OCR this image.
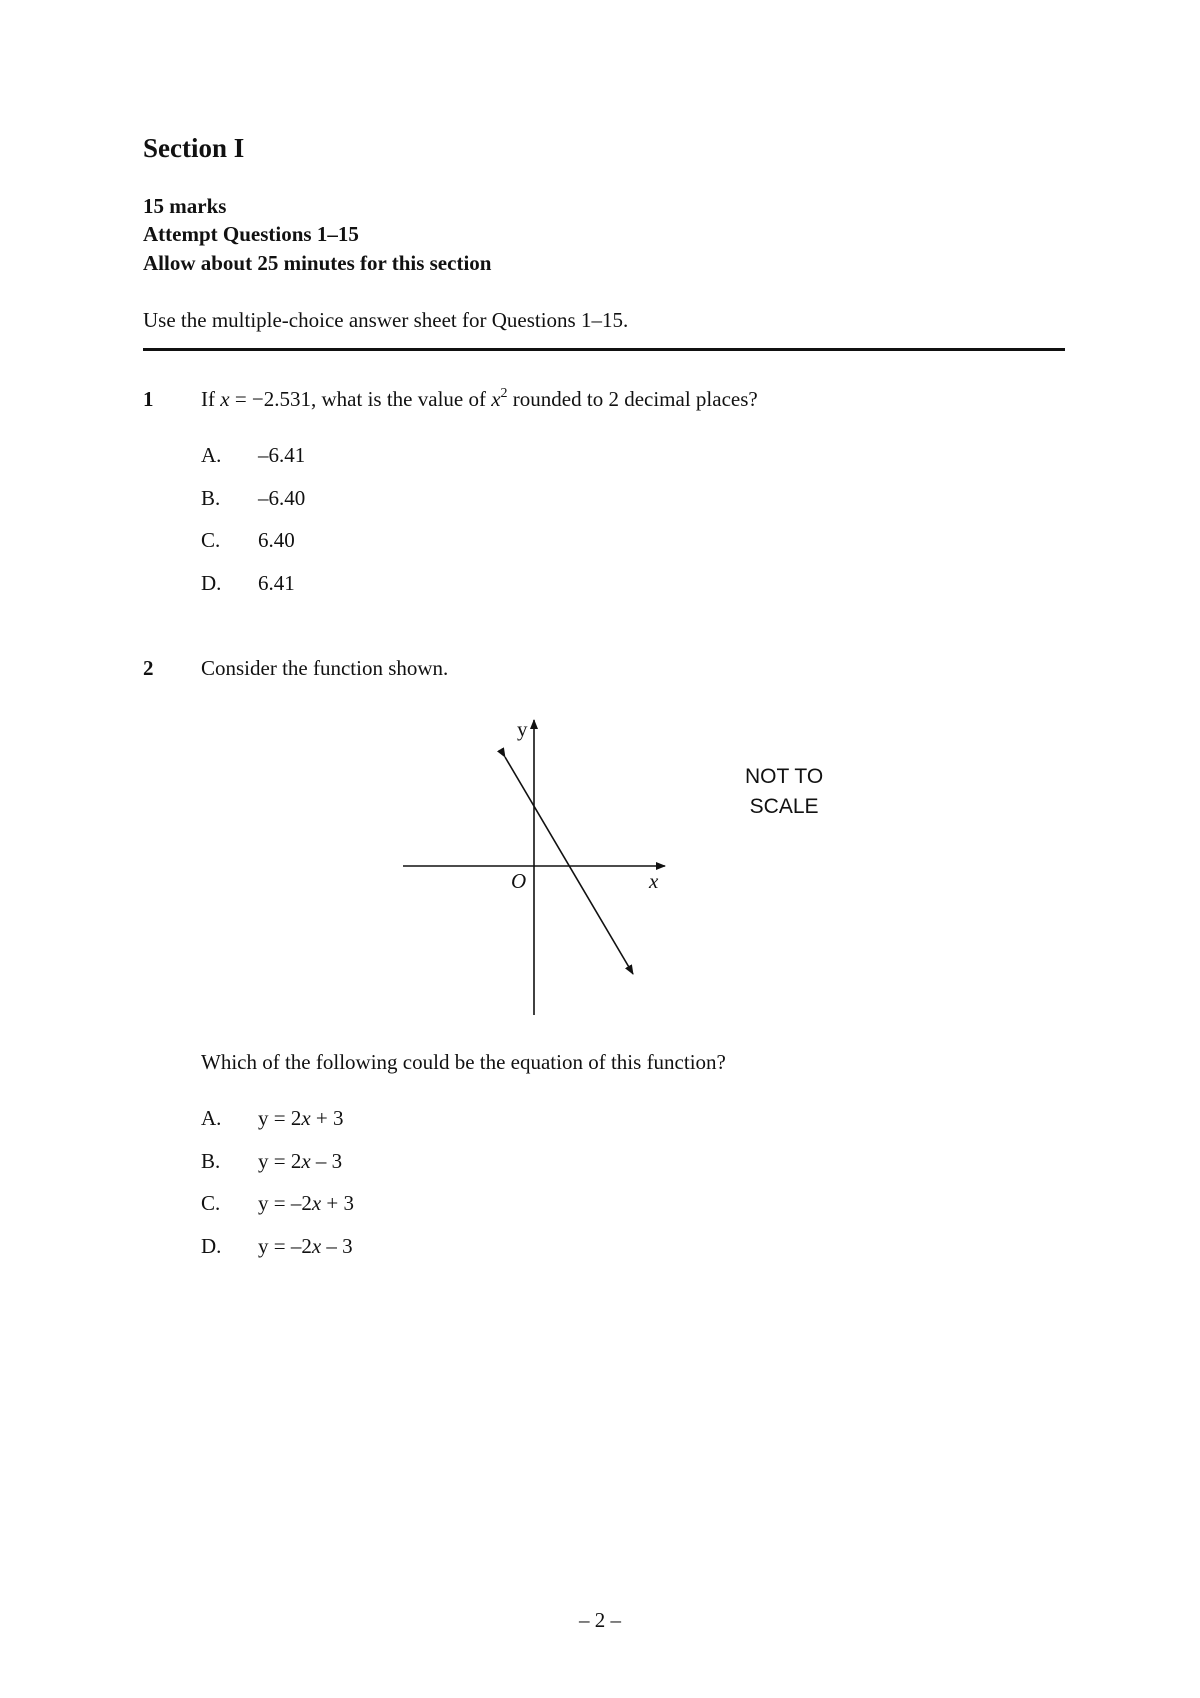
Section I
15 marks
Attempt Questions 1–15
Allow about 25 minutes for this section
Use the multiple-choice answer sheet for Questions 1–15.
1 If x = −2.531, what is the value of $x^2$ rounded to 2 decimal places?
A. –6.41
B. –6.40
C. 6.40
D. 6.41
2 Consider the function shown.
y
x
O
NOT TO
SCALE
Which of the following could be the equation of this function?
A. y = 2x + 3
B. y = 2x – 3
C. y = –2x + 3
D. y = –2x – 3
– 2 –
